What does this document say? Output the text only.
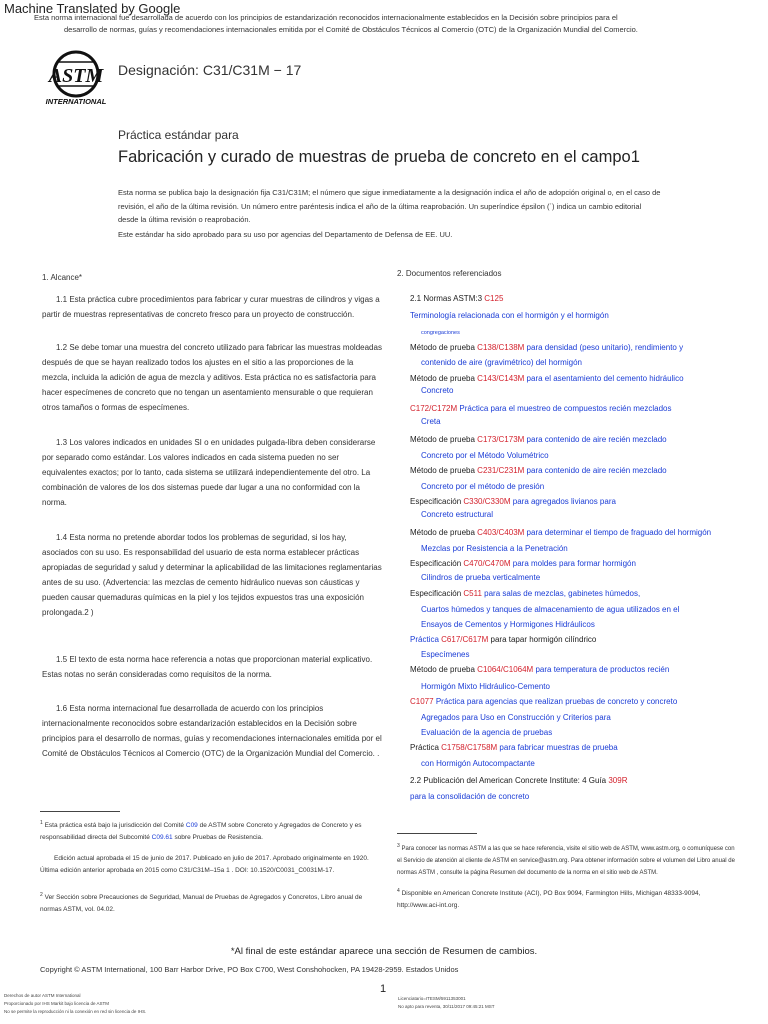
Machine Translated by Google
Esta norma internacional fue desarrollada de acuerdo con los principios de estandarización reconocidos internacionalmente establecidos en la Decisión sobre principios para el
desarrollo de normas, guías y recomendaciones internacionales emitida por el Comité de Obstáculos Técnicos al Comercio (OTC) de la Organización Mundial del Comercio.
ASTM
INTERNATIONAL
Designación: C31/C31M − 17
Práctica estándar para
Fabricación y curado de muestras de prueba de concreto en el campo1
Esta norma se publica bajo la designación fija C31/C31M; el número que sigue inmediatamente a la designación indica el año de adopción original o, en el caso de revisión, el año de la última revisión. Un número entre paréntesis indica el año de la última reaprobación. Un superíndice épsilon (´) indica un cambio editorial desde la última revisión o reaprobación.
Este estándar ha sido aprobado para su uso por agencias del Departamento de Defensa de EE. UU.
1. Alcance*

1.1 Esta práctica cubre procedimientos para fabricar y curar muestras de cilindros y vigas a partir de muestras representativas de concreto fresco para un proyecto de construcción.

1.2 Se debe tomar una muestra del concreto utilizado para fabricar las muestras moldeadas después de que se hayan realizado todos los ajustes en el sitio a las proporciones de la mezcla, incluida la adición de agua de mezcla y aditivos. Esta práctica no es satisfactoria para hacer especímenes de concreto que no tengan un asentamiento mensurable o que requieran otros tamaños o formas de especímenes.

1.3 Los valores indicados en unidades SI o en unidades pulgada-libra deben considerarse por separado como estándar. Los valores indicados en cada sistema pueden no ser equivalentes exactos; por lo tanto, cada sistema se utilizará independientemente del otro. La combinación de valores de los dos sistemas puede dar lugar a una no conformidad con la norma.

1.4 Esta norma no pretende abordar todos los problemas de seguridad, si los hay, asociados con su uso. Es responsabilidad del usuario de esta norma establecer prácticas apropiadas de seguridad y salud y determinar la aplicabilidad de las limitaciones reglamentarias antes de su uso. (Advertencia: las mezclas de cemento hidráulico nuevas son cáusticas y pueden causar quemaduras químicas en la piel y los tejidos expuestos tras una exposición prolongada.2 )

1.5 El texto de esta norma hace referencia a notas que proporcionan material explicativo. Estas notas no serán consideradas como requisitos de la norma.

1.6 Esta norma internacional fue desarrollada de acuerdo con los principios internacionalmente reconocidos sobre estandarización establecidos en la Decisión sobre principios para el desarrollo de normas, guías y recomendaciones internacionales emitida por el Comité de Obstáculos Técnicos al Comercio (OTC) de la Organización Mundial del Comercio. .

2. Documentos referenciados
2.1 Normas ASTM:3 C125
Terminología relacionada con el hormigón y el hormigón
congregaciones
Método de prueba C138/C138M para densidad (peso unitario), rendimiento y
contenido de aire (gravimétrico) del hormigón
Método de prueba C143/C143M para el asentamiento del cemento hidráulico
Concreto
C172/C172M Práctica para el muestreo de compuestos recién mezclados
Creta
Método de prueba C173/C173M para contenido de aire recién mezclado
Concreto por el Método Volumétrico
Método de prueba C231/C231M para contenido de aire recién mezclado
Concreto por el método de presión
Especificación C330/C330M para agregados livianos para
Concreto estructural
Método de prueba C403/C403M para determinar el tiempo de fraguado del hormigón
Mezclas por Resistencia a la Penetración
Especificación C470/C470M para moldes para formar hormigón
Cilindros de prueba verticalmente
Especificación C511 para salas de mezclas, gabinetes húmedos,
Cuartos húmedos y tanques de almacenamiento de agua utilizados en el
Ensayos de Cementos y Hormigones Hidráulicos
Práctica C617/C617M para tapar hormigón cilíndrico
Especímenes
Método de prueba C1064/C1064M para temperatura de productos recién
Hormigón Mixto Hidráulico-Cemento
C1077 Práctica para agencias que realizan pruebas de concreto y concreto
Agregados para Uso en Construcción y Criterios para
Evaluación de la agencia de pruebas
Práctica C1758/C1758M para fabricar muestras de prueba
con Hormigón Autocompactante
2.2 Publicación del American Concrete Institute: 4 Guía 309R
para la consolidación de concreto
$^1$ Esta práctica está bajo la jurisdicción del Comité C09 de ASTM sobre Concreto y Agregados de Concreto y es responsabilidad directa del Subcomité C09.61 sobre Pruebas de Resistencia.
Edición actual aprobada el 15 de junio de 2017. Publicado en julio de 2017. Aprobado originalmente en 1920. Última edición anterior aprobada en 2015 como C31/C31M–15a 1 . DOI: 10.1520/C0031_C0031M-17.
$^2$ Ver Sección sobre Precauciones de Seguridad, Manual de Pruebas de Agregados y Concretos, Libro anual de normas ASTM, vol. 04.02.
$^3$ Para conocer las normas ASTM a las que se hace referencia, visite el sitio web de ASTM, www.astm.org, o comuníquese con el Servicio de atención al cliente de ASTM en service@astm.org. Para obtener información sobre el volumen del Libro anual de normas ASTM , consulte la página Resumen del documento de la norma en el sitio web de ASTM.
$^4$ Disponible en American Concrete Institute (ACI), PO Box 9094, Farmington Hills, Michigan 48333-9094, http://www.aci-int.org.
*Al final de este estándar aparece una sección de Resumen de cambios.
Copyright © ASTM International, 100 Barr Harbor Drive, PO Box C700, West Conshohocken, PA 19428-2959. Estados Unidos
Derechos de autor ASTM International
Proporcionado por IHS Markit bajo licencia de ASTM
No se permite la reproducción ni la conexión en red sin licencia de IHS.
1
Licenciatario=ITESM/5911353001
No apto para reventa, 30/11/2017 09:45:21 MST
